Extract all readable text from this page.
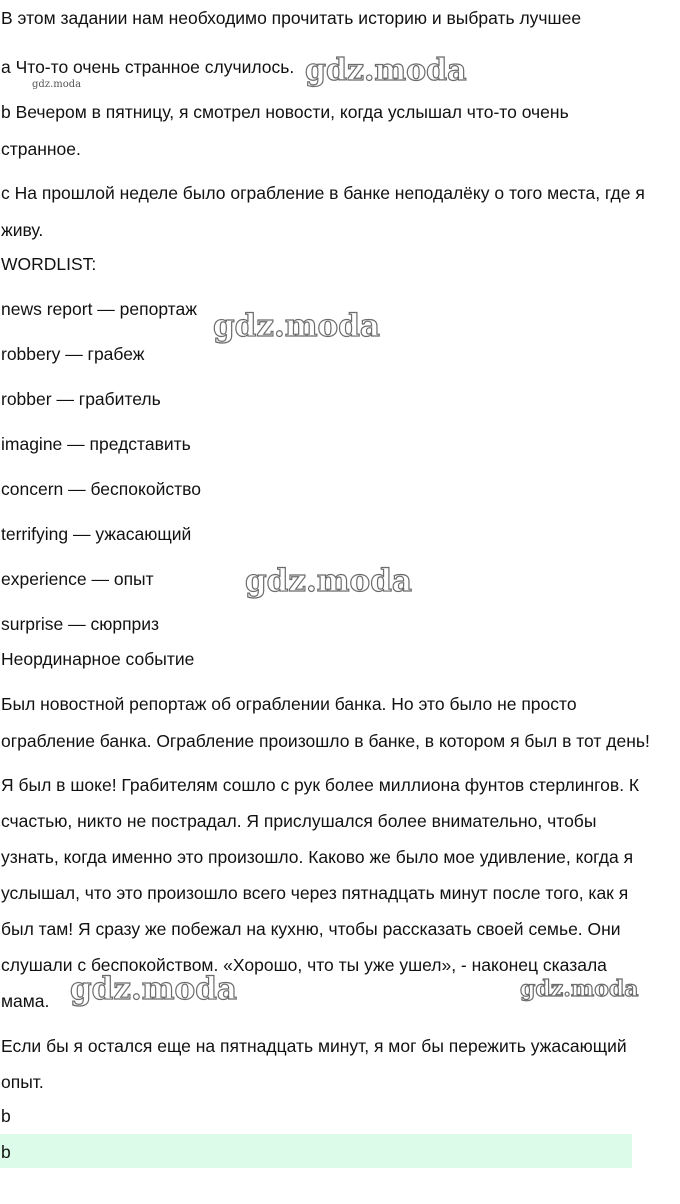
В этом задании нам необходимо прочитать историю и выбрать лучшее
a Что-то очень странное случилось.
b Вечером в пятницу, я смотрел новости, когда услышал что-то очень
странное.
c На прошлой неделе было ограбление в банке неподалёку о того места, где я
живу.
WORDLIST:
news report — репортаж
robbery — грабеж
robber — грабитель
imagine — представить
concern — беспокойство
terrifying — ужасающий
experience — опыт
surprise — сюрприз
Неординарное событие
Был новостной репортаж об ограблении банка. Но это было не просто
ограбление банка. Ограбление произошло в банке, в котором я был в тот день!
Я был в шоке! Грабителям сошло с рук более миллиона фунтов стерлингов. К
счастью, никто не пострадал. Я прислушался более внимательно, чтобы
узнать, когда именно это произошло. Каково же было мое удивление, когда я
услышал, что это произошло всего через пятнадцать минут после того, как я
был там! Я сразу же побежал на кухню, чтобы рассказать своей семье. Они
слушали с беспокойством. «Хорошо, что ты уже ушел», - наконец сказала
мама.
Если бы я остался еще на пятнадцать минут, я мог бы пережить ужасающий
опыт.
b
b
gdz.moda
gdz.moda
gdz.moda
gdz.moda
gdz.moda	gdz.moda
